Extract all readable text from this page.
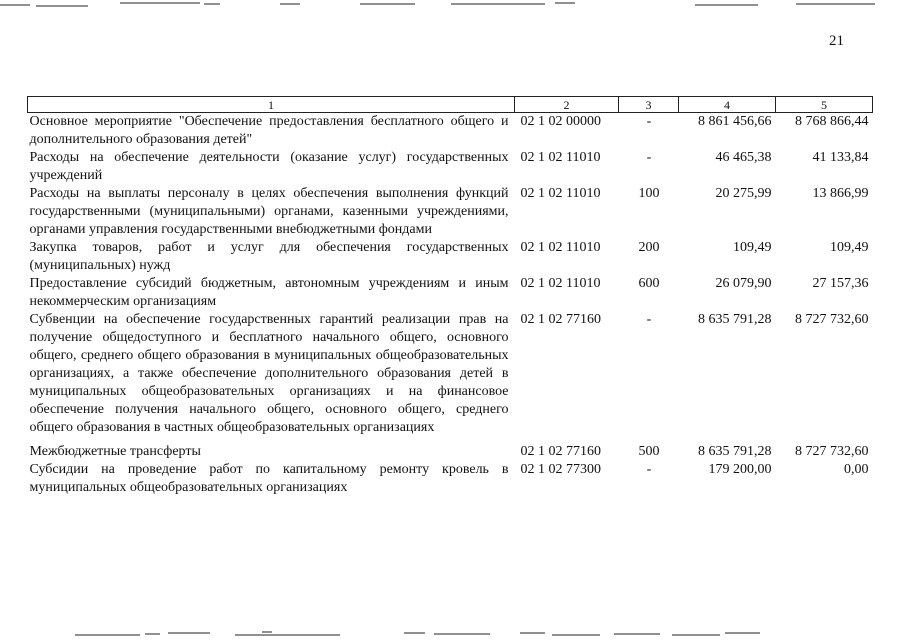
21
1	2	3	4	5
Основное мероприятие "Обеспечение предоставления бесплатного общего и дополнительного образования детей"	02 1 02 00000	-	8 861 456,66	8 768 866,44
Расходы на обеспечение деятельности (оказание услуг) государственных учреждений	02 1 02 11010	-	46 465,38	41 133,84
Расходы на выплаты персоналу в целях обеспечения выполнения функций государственными (муниципальными) органами, казенными учреждениями, органами управления государственными внебюджетными фондами	02 1 02 11010	100	20 275,99	13 866,99
Закупка товаров, работ и услуг для обеспечения государственных (муниципальных) нужд	02 1 02 11010	200	109,49	109,49
Предоставление субсидий бюджетным, автономным учреждениям и иным некоммерческим организациям	02 1 02 11010	600	26 079,90	27 157,36
Субвенции на обеспечение государственных гарантий реализации прав на получение общедоступного и бесплатного начального общего, основного общего, среднего общего образования в муниципальных общеобразовательных организациях, а также обеспечение дополнительного образования детей в муниципальных общеобразовательных организациях и на финансовое обеспечение получения начального общего, основного общего, среднего общего образования в частных общеобразовательных организациях	02 1 02 77160	-	8 635 791,28	8 727 732,60
Межбюджетные трансферты	02 1 02 77160	500	8 635 791,28	8 727 732,60
Субсидии на проведение работ по капитальному ремонту кровель в муниципальных общеобразовательных организациях	02 1 02 77300	-	179 200,00	0,00
